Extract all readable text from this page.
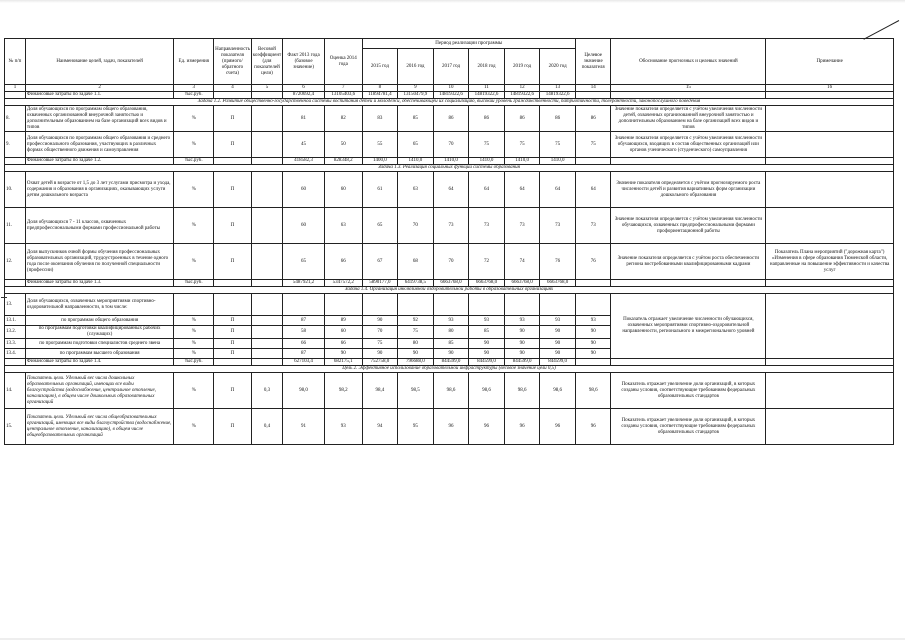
№ п/п	Наименование целей, задач, показателей	Ед. измерения	Направленность показателя (прямого/обратного счета)	Весовой коэффициент (для показателей цели)	Факт 2013 года (базовое значение)	Оценка 2014 года	Период реализации программы						Целевое значение показателя	Обоснование прогнозных и целевых значений	Примечание
							2015 год	2016 год	2017 год	2018 год	2019 год	2020 год			
1	2	3	4	5	6	7	8	9	10	11	12	13	14	15	16
	Финансовые затраты по задаче 1.1.	тыс.руб.			8720692,4	13105403,6	11894781,4	13150479,9	14819322,6	14819322,6	14819322,6	14819322,6			
Задача 1.2. Развитие общественно-государственной системы воспитания детей и молодежи, обеспечивающей их социализацию, высокий уровень гражданственности, патриотичности, толерантности, законопослушного поведения															
8.	Доля обучающихся по программам общего образования, охваченных организованной внеурочной занятостью и дополнительным образованием на базе организаций всех видов и типов	%	П		81	82	83	85	86	86	86	86	86	Значение показателя определяется с учётом увеличения численности детей, охваченных организованной внеурочной занятостью и дополнительным образованием на базе организаций всех видов и типов	
9.	Доля обучающихся по программам общего образования и среднего профессионального образования, участвующих в различных формах общественного движения и самоуправления	%	П		45	50	55	65	70	75	75	75	75	Значение показателя определяется с учётом увеличения численности обучающихся, входящих в состав общественных организаций или органов ученического (студенческого) самоуправления	
	Финансовые затраты по задаче 1.2.	тыс.руб.			418582,3	828348,2	1400,0	1410,0	1410,0	1410,0	1410,0	1410,0			
Задача 1.3. Реализация социальных функций системы образования															
10.	Охват детей в возрасте от 1,5 до 3 лет услугами присмотра и ухода, содержания и образования в организациях, оказывающих услуги детям дошкольного возраста	%	П		60	60	61	63	64	64	64	64	64	Значение показателя определяется с учётом прогнозируемого роста численности детей и развития вариативных форм организации дошкольного образования	
11.	Доля обучающихся 7 - 11 классов, охваченных предпрофессиональными формами профессиональной работы	%	П		60	63	65	70	73	73	73	73	73	Значение показателя определяется с учётом увеличения численности обучающихся, охваченных предпрофессиональными формами профориентационной работы	
12.	Доля выпускников очной формы обучения профессиональных образовательных организаций, трудоустроенных в течение одного года после окончания обучения по полученной специальности (профессии)	%	П		65	66	67	68	70	72	74	76	76	Значение показателя определяется с учётом роста обеспеченности региона востребованными квалифицированными кадрами	Показатель Плана мероприятий ("дорожная карта") «Изменения в сфере образования Тюменской области, направленные на повышение эффективности и качества услуг
	Финансовые затраты по задаче 1.3.	тыс.руб.			5487921,2	5347572,2	5890177,0	6419738,5	6663768,0	6663768,0	6663768,0	6663768,0			
Задача 1.4. Организация инклюзивной оздоровительной работы в образовательных организациях															
13.	Доля обучающихся, охваченных мероприятиями спортивно-оздоровительной направленности, в том числе:													Показатель отражает увеличение численности обучающихся, охваченных мероприятиями спортивно-оздоровительной направленности, регионального и межрегионального уровней	
13.1.	по программам общего образования	%	П		87	89	90	92	93	93	93	93	93		
13.2.	по программам подготовки квалифицированных рабочих (служащих)	%	П		58	60	70	75	80	85	90	90	90		
13.3.	по программам подготовки специалистов среднего звена	%	П		66	66	75	80	85	90	90	90	90		
13.4.	по программам высшего образования	%	П		87	90	90	90	90	90	90	90	90		
	Финансовые затраты по задаче 1.4.	тыс.руб.			627103,4	682175,1	752758,0	796688,0	844599,0	844599,0	844599,0	844599,0			
Цель 2. Эффективное использование образовательной инфраструктуры (весовое значение цели 0,5)															
14.	Показатель цели. Удельный вес числа дошкольных образовательных организаций, имеющих все виды благоустройства (водоснабжение, центральное отопление, канализацию), в общем числе дошкольных образовательных организаций	%	П	0,3	98,0	98,2	98,4	98,5	98,6	98,6	98,6	98,6	98,6	Показатель отражает увеличение доли организаций, в которых созданы условия, соответствующие требованиям федеральных образовательных стандартов	
15.	Показатель цели. Удельный вес числа общеобразовательных организаций, имеющих все виды благоустройства (водоснабжение, центральное отопление, канализацию), в общем числе общеобразовательных организаций	%	П	0,4	91	93	94	95	96	96	96	96	96	Показатель отражает увеличение доли организаций, в которых созданы условия, соответствующие требованиям федеральных образовательных стандартов	
